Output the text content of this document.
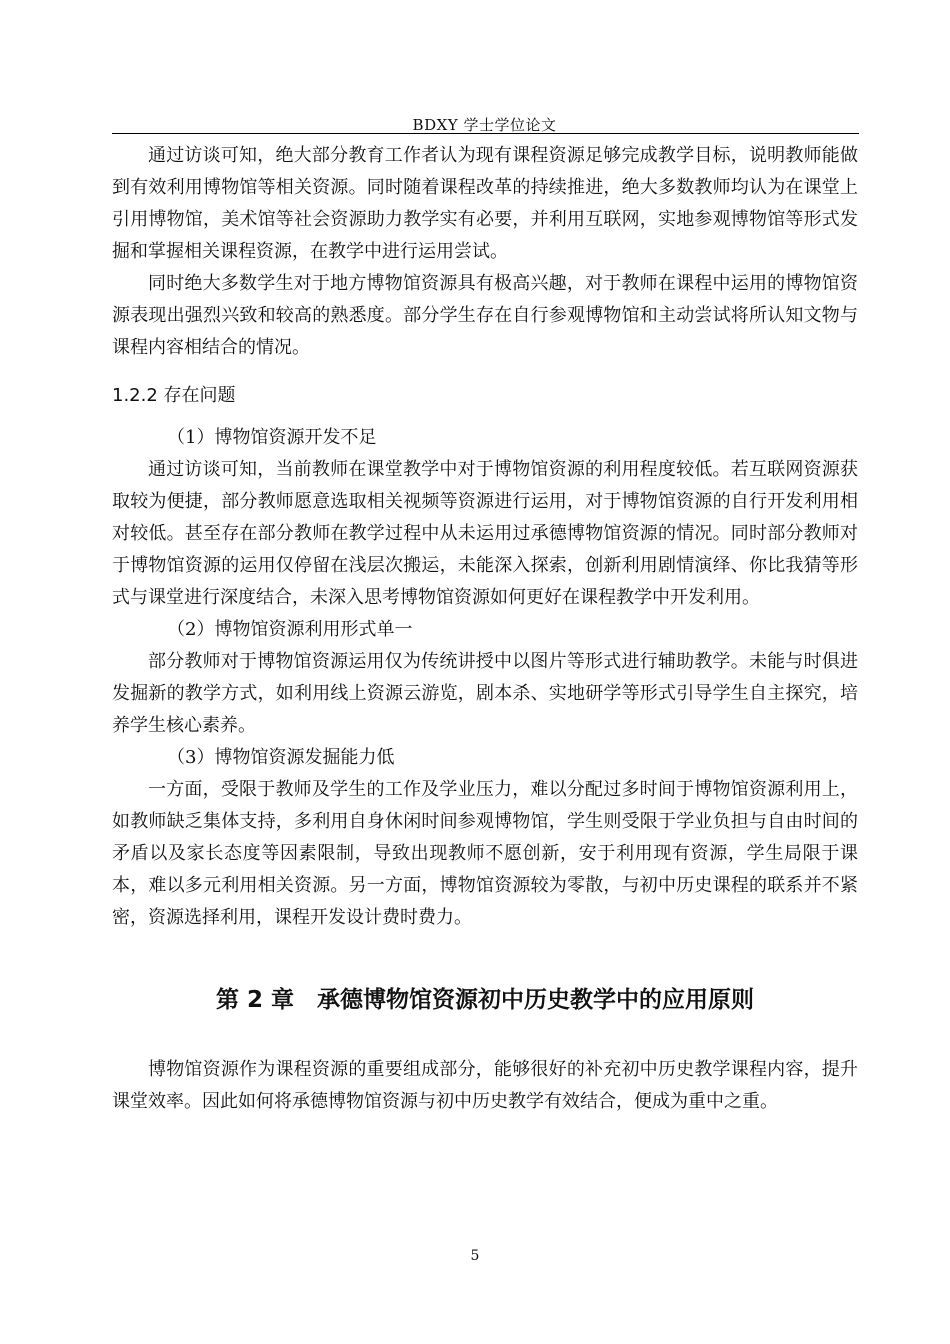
BDXY 学士学位论文

通过访谈可知，绝大部分教育工作者认为现有课程资源足够完成教学目标，说明教师能做到有效利用博物馆等相关资源。同时随着课程改革的持续推进，绝大多数教师均认为在课堂上引用博物馆，美术馆等社会资源助力教学实有必要，并利用互联网，实地参观博物馆等形式发掘和掌握相关课程资源，在教学中进行运用尝试。

同时绝大多数学生对于地方博物馆资源具有极高兴趣，对于教师在课程中运用的博物馆资源表现出强烈兴致和较高的熟悉度。部分学生存在自行参观博物馆和主动尝试将所认知文物与课程内容相结合的情况。

1.2.2 存在问题

（1）博物馆资源开发不足

通过访谈可知，当前教师在课堂教学中对于博物馆资源的利用程度较低。若互联网资源获取较为便捷，部分教师愿意选取相关视频等资源进行运用，对于博物馆资源的自行开发利用相对较低。甚至存在部分教师在教学过程中从未运用过承德博物馆资源的情况。同时部分教师对于博物馆资源的运用仅停留在浅层次搬运，未能深入探索，创新利用剧情演绎、你比我猜等形式与课堂进行深度结合，未深入思考博物馆资源如何更好在课程教学中开发利用。

（2）博物馆资源利用形式单一

部分教师对于博物馆资源运用仅为传统讲授中以图片等形式进行辅助教学。未能与时俱进发掘新的教学方式，如利用线上资源云游览，剧本杀、实地研学等形式引导学生自主探究，培养学生核心素养。

（3）博物馆资源发掘能力低

一方面，受限于教师及学生的工作及学业压力，难以分配过多时间于博物馆资源利用上，如教师缺乏集体支持，多利用自身休闲时间参观博物馆，学生则受限于学业负担与自由时间的矛盾以及家长态度等因素限制，导致出现教师不愿创新，安于利用现有资源，学生局限于课本，难以多元利用相关资源。另一方面，博物馆资源较为零散，与初中历史课程的联系并不紧密，资源选择利用，课程开发设计费时费力。

第 2 章　承德博物馆资源初中历史教学中的应用原则

博物馆资源作为课程资源的重要组成部分，能够很好的补充初中历史教学课程内容，提升课堂效率。因此如何将承德博物馆资源与初中历史教学有效结合，便成为重中之重。

5
